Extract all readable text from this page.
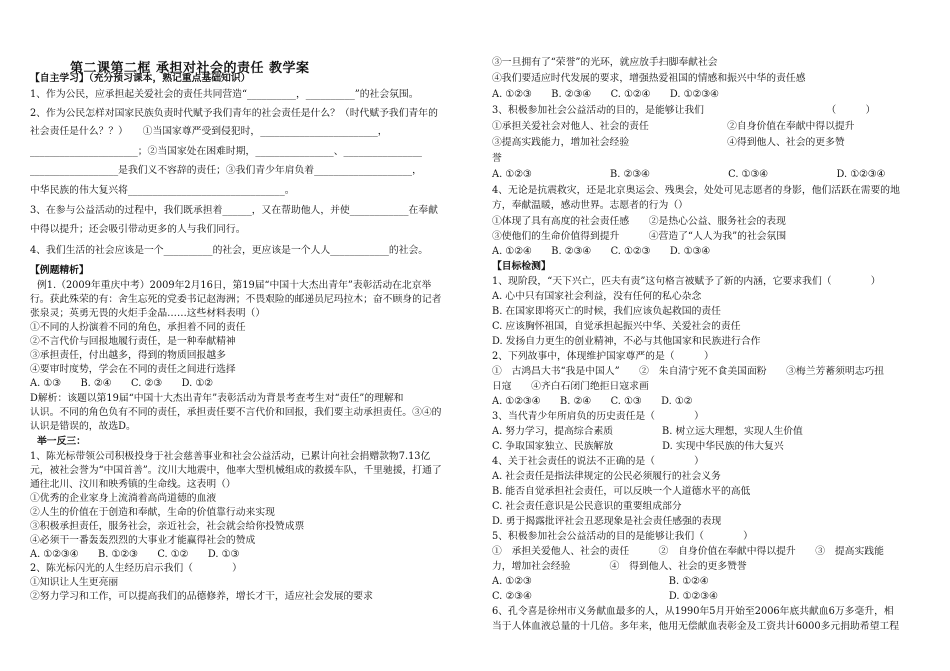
第二课第二框 承担对社会的责任 教学案
【自主学习】（充分预习课本，熟记重点基础知识）
1、作为公民，应承担起关爱社会的责任共同营造“__________，__________”的社会氛围。
2、作为公民怎样对国家民族负责时代赋予我们青年的社会责任是什么？（时代赋予我们青年的
社会责任是什么？？）　　①当国家尊严受到侵犯时，________________________，
______________________；②当国家处在困难时期，________________、________________
__________________是我们义不容辞的责任；③我们青少年肩负着____________________，
中华民族的伟大复兴将________________________________。
3、在参与公益活动的过程中，我们既承担着______，又在帮助他人，并使____________在奉献
中得以提升；还会吸引带动更多的人与我们同行。
4、我们生活的社会应该是一个__________的社会，更应该是一个人人____________的社会。
【例题精析】
例1.（2009年重庆中考）2009年2月16日，第19届“中国十大杰出青年”表彰活动在北京举
行。获此殊荣的有：舍生忘死的党委书记赵海洲；不畏艰险的邮递员尼玛拉木；奋不顾身的记者
张泉灵；英勇无畏的火炬手金晶……这些材料表明（）
①不同的人扮演着不同的角色，承担着不同的责任
②不言代价与回报地履行责任，是一种奉献精神
③承担责任，付出越多，得到的物质回报越多
④要审时度势，学会在不同的责任之间进行选择
A. ①③　　B. ②④　　C. ②③　　D. ①②
D解析：该题以第19届“中国十大杰出青年”表彰活动为背景考查考生对“责任”的理解和
认识。不同的角色负有不同的责任，承担责任要不言代价和回报，我们要主动承担责任。③④的
认识是错误的，故选D。
举一反三：
1、陈光标带领公司积极投身于社会慈善事业和社会公益活动，已累计向社会捐赠款物7.13亿
元，被社会誉为“中国首善”。汶川大地震中，他率大型机械组成的救援车队，千里驰援，打通了
通往北川、汶川和映秀镇的生命线。这表明（）
①优秀的企业家身上流淌着高尚道德的血液
②人生的价值在于创造和奉献，生命的价值靠行动来实现
③积极承担责任，服务社会，亲近社会，社会就会给你投赞成票
④必须干一番轰轰烈烈的大事业才能赢得社会的赞成
A. ①②③④　　B. ①②③　　C. ①②　　D. ①③
2、陈光标闪光的人生经历启示我们（　　　　）
①知识让人生更亮丽
②努力学习和工作，可以提高我们的品德修养，增长才干，适应社会发展的要求
③一旦拥有了“荣誉”的光环，就应放手扫脚奉献社会
④我们要适应时代发展的要求，增强热爱祖国的情感和振兴中华的责任感
A. ①②③　　B. ②③④　　C. ①②④　　D. ①②③④
3、积极参加社会公益活动的目的，是能够让我们　　　　　　　　　　　　　（　　　）
①承担关爱社会对他人、社会的责任　　　　　　　　②自身价值在奉献中得以提升
③提高实践能力，增加社会经验　　　　　　　　　　④得到他人、社会的更多赞
誉
A. ①②③　　　　　　　　B. ②③④　　　　　　　　C. ①③④　　　　　　　D. ①②③④
4、无论是抗震救灾，还是北京奥运会、残奥会，处处可见志愿者的身影，他们活跃在需要的地
方，奉献温暖，感动世界。志愿者的行为（）
①体现了具有高度的社会责任感　　②是热心公益、服务社会的表现
③使他们的生命价值得到提升　　　④营造了“人人为我”的社会氛围
A. ①②④　　B. ②③④　　C. ①②③　　D. ①③④
【目标检测】
1、现阶段，“天下兴亡，匹夫有责”这句格言被赋予了新的内涵，它要求我们（　　　　）
A. 心中只有国家社会利益，没有任何的私心杂念
B. 在国家即将灭亡的时候，我们应该负起救国的责任
C. 应该胸怀祖国，自觉承担起振兴中华、关爱社会的责任
D. 发扬自力更生的创业精神，不必与其他国家和民族进行合作
2、下列故事中，体现维护国家尊严的是（　　　）
①　古鸿昌大书“我是中国人”　　②　朱自清宁死不食美国面粉　　③梅兰芳蓄须明志巧扭
日寇　　④齐白石闭门绝拒日寇求画
A. ①②③④　　B. ②④　　C. ①③　　D. ①②
3、当代青少年所肩负的历史责任是（　　　　）
A. 努力学习，提高综合素质　　　　　B. 树立远大理想，实现人生价值
C. 争取国家独立、民族解放　　　　　D. 实现中华民族的伟大复兴
4、关于社会责任的说法不正确的是（　　　　）
A. 社会责任是指法律规定的公民必须履行的社会义务
B. 能否自觉承担社会责任，可以反映一个人道德水平的高低
C. 社会责任意识是公民意识的重要组成部分
D. 勇于揭露批评社会丑恶现象是社会责任感强的表现
5、积极参加社会公益活动的目的是能够让我们（　　　　）
①　承担关爱他人、社会的责任　　　②　自身价值在奉献中得以提升　　③　提高实践能
力，增加社会经验　　　　④　得到他人、社会的更多赞誉
A. ①②③　　　　　　　　　　　　　　B. ①②④
C. ②③④　　　　　　　　　　　　　　D. ①②③④
6、孔令喜是徐州市义务献血最多的人，从1990年5月开始至2006年底共献血6万多毫升，相
当于人体血液总量的十几倍。多年来，他用无偿献血表彰金及工资共计6000多元捐助希望工程
